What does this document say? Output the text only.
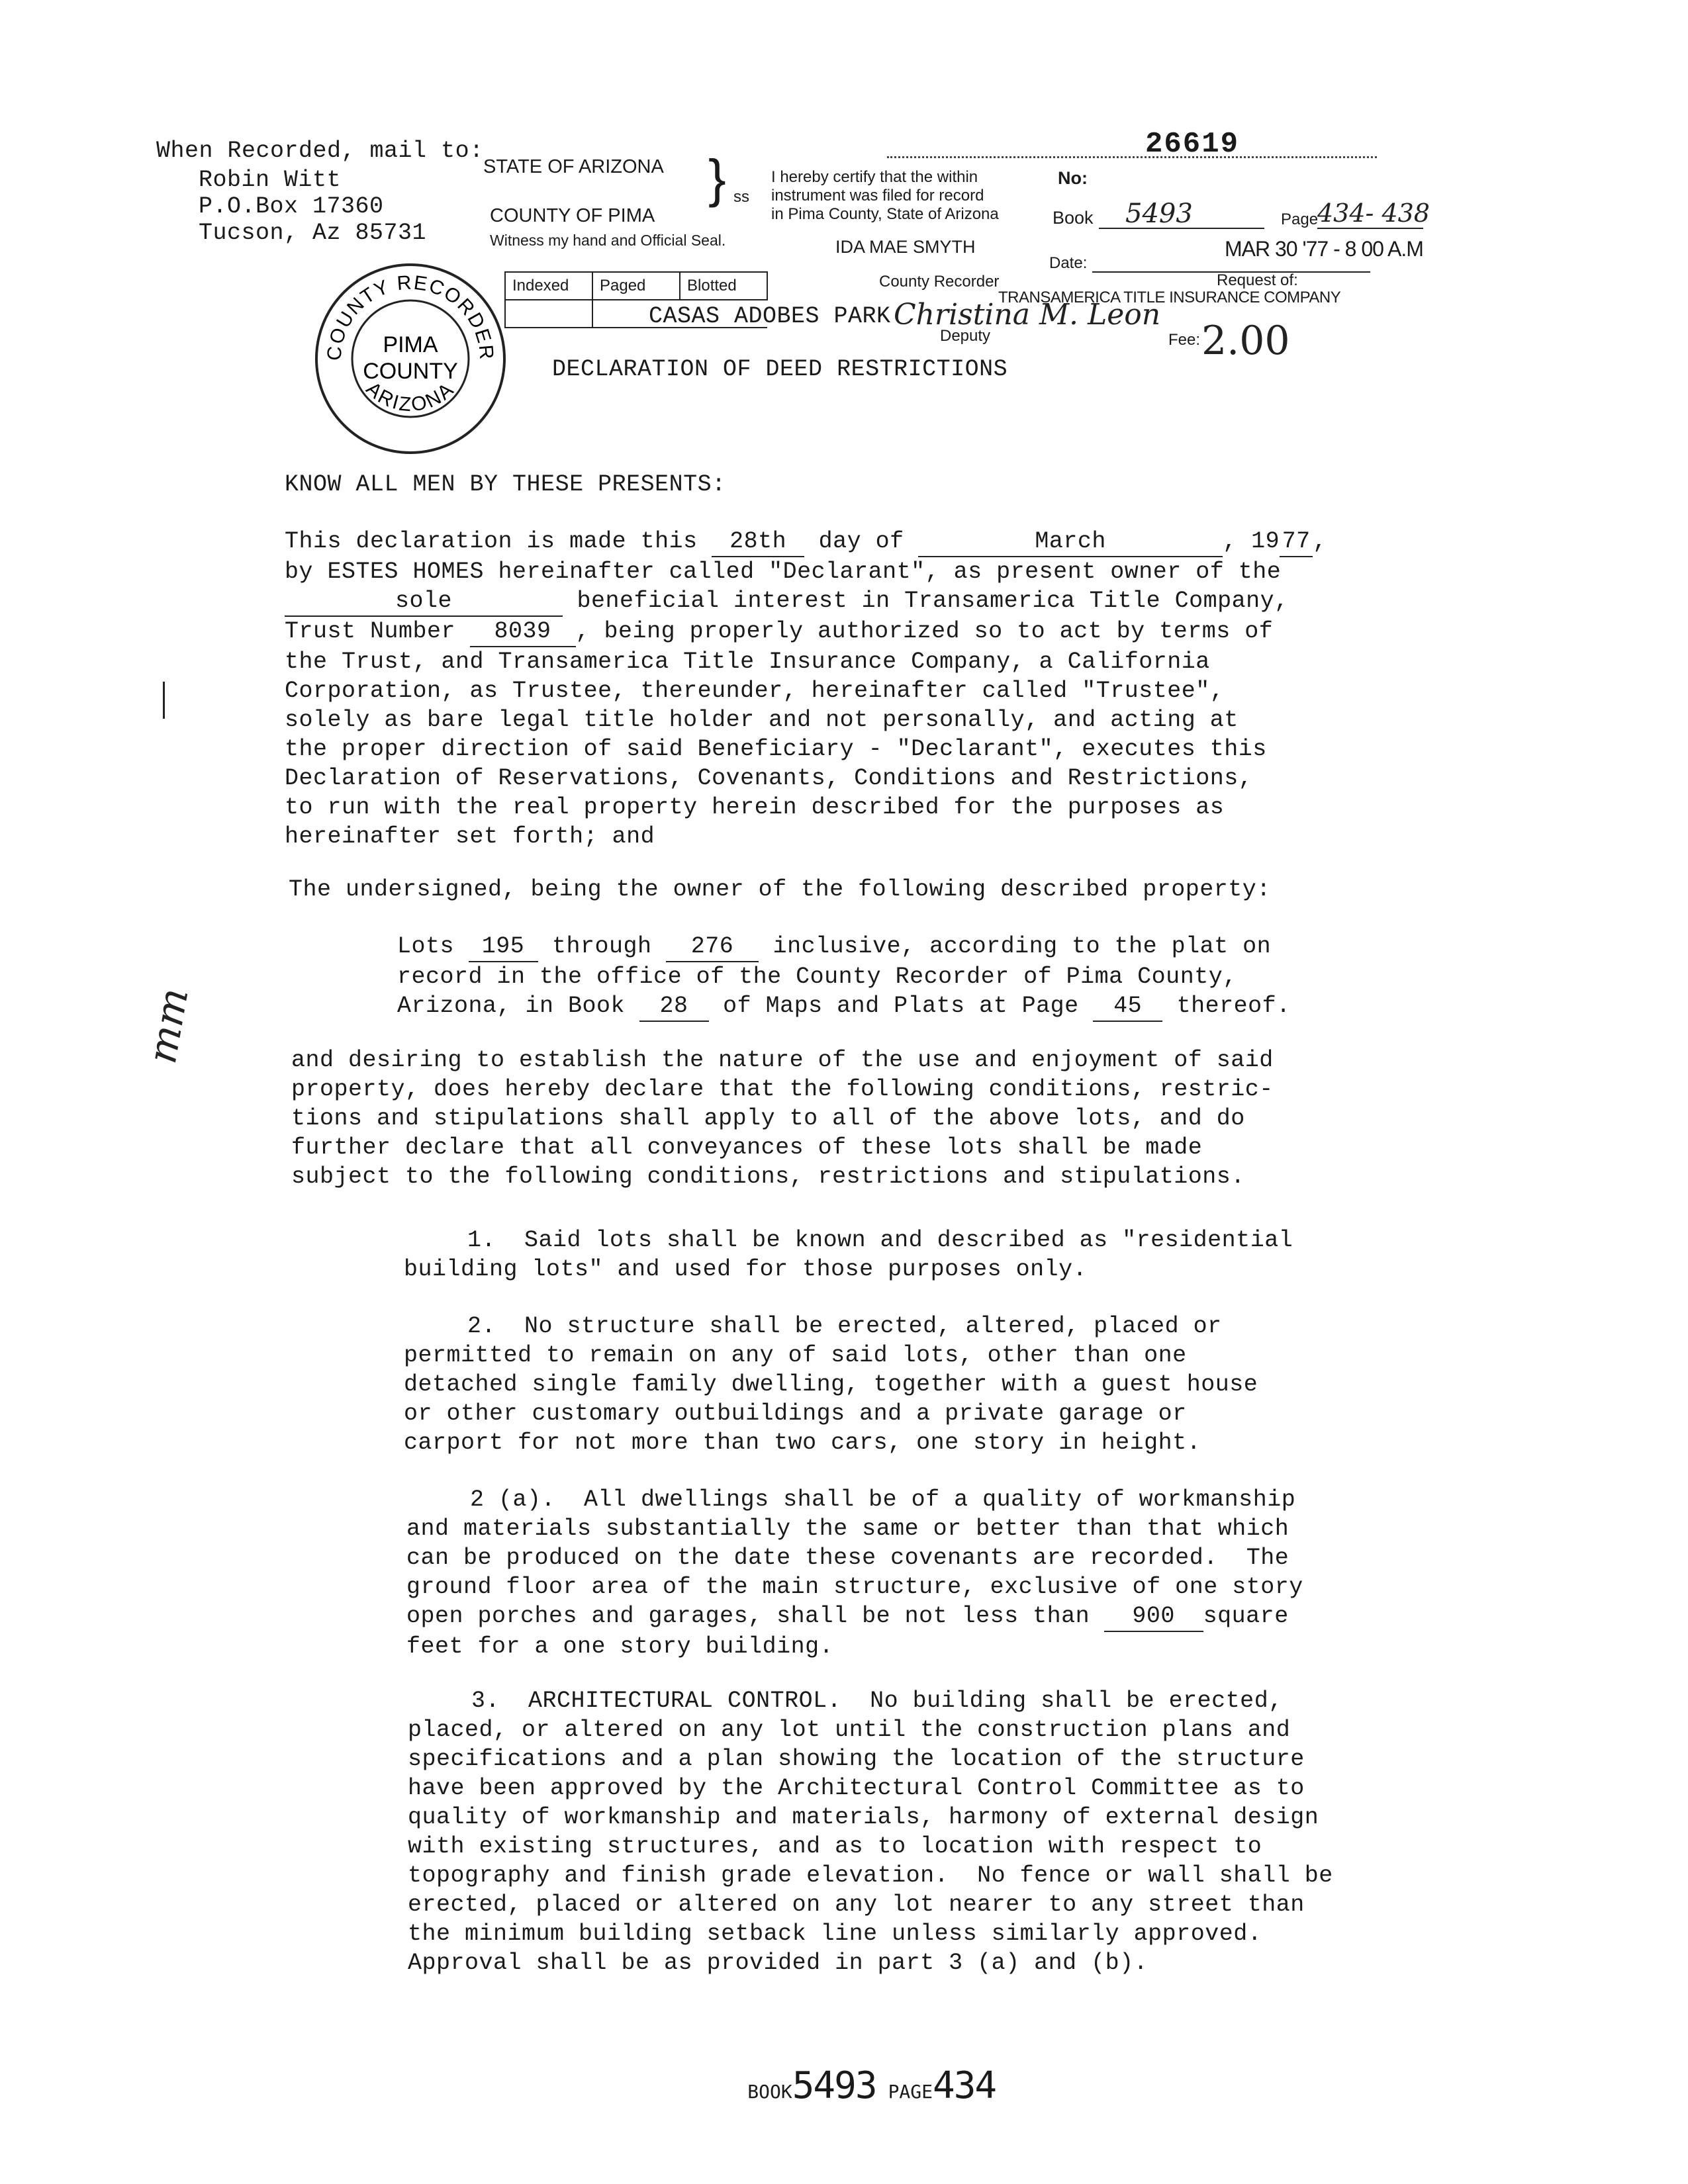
When Recorded, mail to:
Robin Witt
P.O.Box 17360
Tucson, Az 85731
STATE OF ARIZONA } ss
COUNTY OF PIMA
Witness my hand and Official Seal.
I hereby certify that the within
instrument was filed for record
in Pima County, State of Arizona
IDA MAE SMYTH
County Recorder
Deputy
No:
26619
Book 5493	Page
434- 438
Date:
MAR 30 '77 - 8 00 A.M
Request of:
TRANSAMERICA TITLE INSURANCE COMPANY
Christina M. Leon
Fee: 2.00
Indexed	Paged	Blotted

CASAS ADOBES PARK
COUNTY RECORDER
ARIZONA
PIMA
COUNTY	DECLARATION OF DEED RESTRICTIONS
KNOW ALL MEN BY THESE PRESENTS:
This declaration is made this 28th day of	March	, 1977 ,
by ESTES HOMES hereinafter called "Declarant", as present owner of the
sole	beneficial interest in Transamerica Title Company,
Trust Number 8039 , being properly authorized so to act by terms of
the Trust, and Transamerica Title Insurance Company, a California
Corporation, as Trustee, thereunder, hereinafter called "Trustee",
solely as bare legal title holder and not personally, and acting at
the proper direction of said Beneficiary - "Declarant", executes this
Declaration of Reservations, Covenants, Conditions and Restrictions,
to run with the real property herein described for the purposes as
hereinafter set forth; and
The undersigned, being the owner of the following described property:
Lots 195 through 276 inclusive, according to the plat on
record in the office of the County Recorder of Pima County,
Arizona, in Book 28 of Maps and Plats at Page 45 thereof.
mm	and desiring to establish the nature of the use and enjoyment of said
property, does hereby declare that the following conditions, restric-
tions and stipulations shall apply to all of the above lots, and do
further declare that all conveyances of these lots shall be made
subject to the following conditions, restrictions and stipulations.
1.  Said lots shall be known and described as "residential
building lots" and used for those purposes only.
2.  No structure shall be erected, altered, placed or
permitted to remain on any of said lots, other than one
detached single family dwelling, together with a guest house
or other customary outbuildings and a private garage or
carport for not more than two cars, one story in height.
2 (a).  All dwellings shall be of a quality of workmanship
and materials substantially the same or better than that which
can be produced on the date these covenants are recorded.  The
ground floor area of the main structure, exclusive of one story
open porches and garages, shall be not less than 900 square
feet for a one story building.
3.  ARCHITECTURAL CONTROL.  No building shall be erected,
placed, or altered on any lot until the construction plans and
specifications and a plan showing the location of the structure
have been approved by the Architectural Control Committee as to
quality of workmanship and materials, harmony of external design
with existing structures, and as to location with respect to
topography and finish grade elevation.  No fence or wall shall be
erected, placed or altered on any lot nearer to any street than
the minimum building setback line unless similarly approved.
Approval shall be as provided in part 3 (a) and (b).

BOOK5493 PAGE434
